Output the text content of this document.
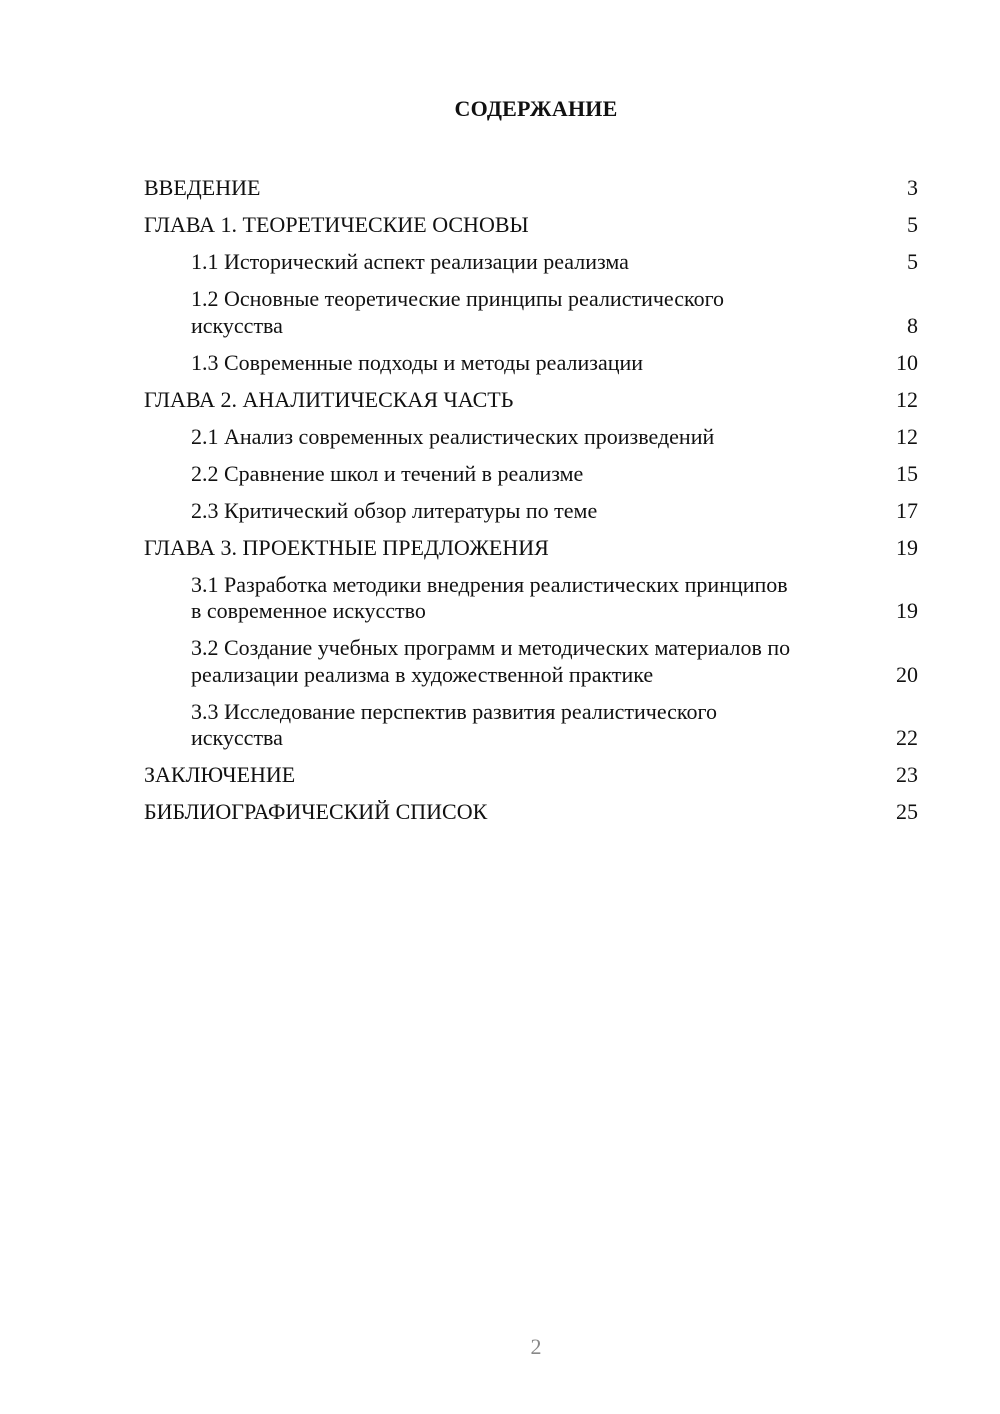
СОДЕРЖАНИЕ
ВВЕДЕНИЕ	3
ГЛАВА 1. ТЕОРЕТИЧЕСКИЕ ОСНОВЫ	5
1.1 Исторический аспект реализации реализма	5
1.2 Основные теоретические принципы реалистического искусства	8
1.3 Современные подходы и методы реализации	10
ГЛАВА 2. АНАЛИТИЧЕСКАЯ ЧАСТЬ	12
2.1 Анализ современных реалистических произведений	12
2.2 Сравнение школ и течений в реализме	15
2.3 Критический обзор литературы по теме	17
ГЛАВА 3. ПРОЕКТНЫЕ ПРЕДЛОЖЕНИЯ	19
3.1 Разработка методики внедрения реалистических принципов в современное искусство	19
3.2 Создание учебных программ и методических материалов по реализации реализма в художественной практике	20
3.3 Исследование перспектив развития реалистического искусства	22
ЗАКЛЮЧЕНИЕ	23
БИБЛИОГРАФИЧЕСКИЙ СПИСОК	25
2
